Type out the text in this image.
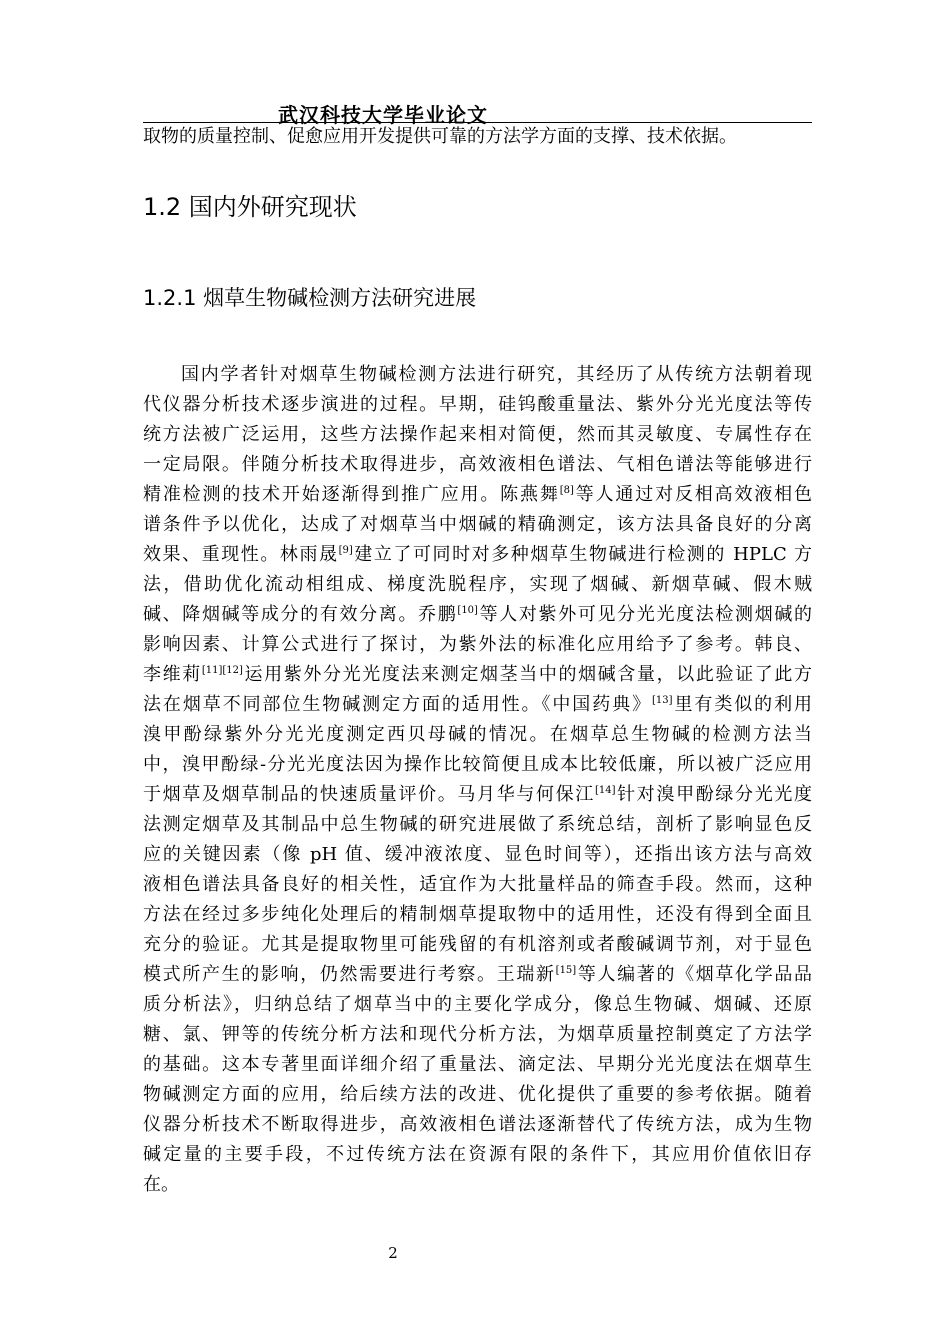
武汉科技大学毕业论文
取物的质量控制、促愈应用开发提供可靠的方法学方面的支撑、技术依据。
1.2 国内外研究现状
1.2.1 烟草生物碱检测方法研究进展
国内学者针对烟草生物碱检测方法进行研究，其经历了从传统方法朝着现
代仪器分析技术逐步演进的过程。早期，硅钨酸重量法、紫外分光光度法等传
统方法被广泛运用，这些方法操作起来相对简便，然而其灵敏度、专属性存在
一定局限。伴随分析技术取得进步，高效液相色谱法、气相色谱法等能够进行
精准检测的技术开始逐渐得到推广应用。陈燕舞[8]等人通过对反相高效液相色
谱条件予以优化，达成了对烟草当中烟碱的精确测定，该方法具备良好的分离
效果、重现性。林雨晟[9]建立了可同时对多种烟草生物碱进行检测的 HPLC 方
法，借助优化流动相组成、梯度洗脱程序，实现了烟碱、新烟草碱、假木贼
碱、降烟碱等成分的有效分离。乔鹏[10]等人对紫外可见分光光度法检测烟碱的
影响因素、计算公式进行了探讨，为紫外法的标准化应用给予了参考。韩良、
李维莉[11][12]运用紫外分光光度法来测定烟茎当中的烟碱含量，以此验证了此方
法在烟草不同部位生物碱测定方面的适用性。《中国药典》[13]里有类似的利用
溴甲酚绿紫外分光光度测定西贝母碱的情况。在烟草总生物碱的检测方法当
中，溴甲酚绿-分光光度法因为操作比较简便且成本比较低廉，所以被广泛应用
于烟草及烟草制品的快速质量评价。马月华与何保江[14]针对溴甲酚绿分光光度
法测定烟草及其制品中总生物碱的研究进展做了系统总结，剖析了影响显色反
应的关键因素（像 pH 值、缓冲液浓度、显色时间等），还指出该方法与高效
液相色谱法具备良好的相关性，适宜作为大批量样品的筛查手段。然而，这种
方法在经过多步纯化处理后的精制烟草提取物中的适用性，还没有得到全面且
充分的验证。尤其是提取物里可能残留的有机溶剂或者酸碱调节剂，对于显色
模式所产生的影响，仍然需要进行考察。王瑞新[15]等人编著的《烟草化学品品
质分析法》，归纳总结了烟草当中的主要化学成分，像总生物碱、烟碱、还原
糖、氯、钾等的传统分析方法和现代分析方法，为烟草质量控制奠定了方法学
的基础。这本专著里面详细介绍了重量法、滴定法、早期分光光度法在烟草生
物碱测定方面的应用，给后续方法的改进、优化提供了重要的参考依据。随着
仪器分析技术不断取得进步，高效液相色谱法逐渐替代了传统方法，成为生物
碱定量的主要手段，不过传统方法在资源有限的条件下，其应用价值依旧存
在。
2
